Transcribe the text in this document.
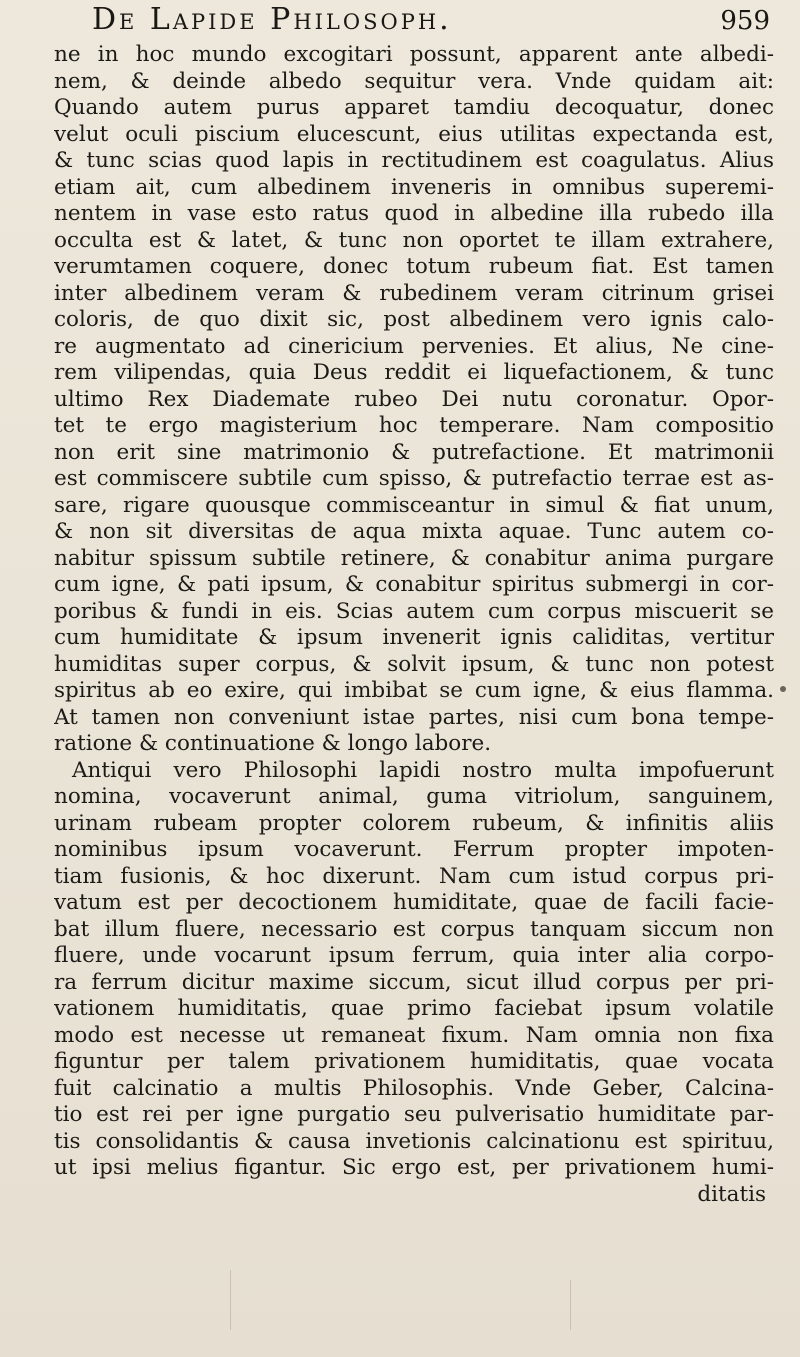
De Lapide Philosoph.	959
ne in hoc mundo excogitari possunt, apparent ante albedi-
nem, & deinde albedo sequitur vera. Vnde quidam ait:
Quando autem purus apparet tamdiu decoquatur, donec
velut oculi piscium elucescunt, eius utilitas expectanda est,
& tunc scias quod lapis in rectitudinem est coagulatus. Alius
etiam ait, cum albedinem inveneris in omnibus superemi-
nentem in vase esto ratus quod in albedine illa rubedo illa
occulta est & latet, & tunc non oportet te illam extrahere,
verumtamen coquere, donec totum rubeum fiat. Est tamen
inter albedinem veram & rubedinem veram citrinum grisei
coloris, de quo dixit sic, post albedinem vero ignis calo-
re augmentato ad cinericium pervenies. Et alius, Ne cine-
rem vilipendas, quia Deus reddit ei liquefactionem, & tunc
ultimo Rex Diademate rubeo Dei nutu coronatur. Opor-
tet te ergo magisterium hoc temperare. Nam compositio
non erit sine matrimonio & putrefactione. Et matrimonii
est commiscere subtile cum spisso, & putrefactio terrae est as-
sare, rigare quousque commisceantur in simul & fiat unum,
& non sit diversitas de aqua mixta aquae. Tunc autem co-
nabitur spissum subtile retinere, & conabitur anima purgare
cum igne, & pati ipsum, & conabitur spiritus submergi in cor-
poribus & fundi in eis. Scias autem cum corpus miscuerit se
cum humiditate & ipsum invenerit ignis caliditas, vertitur
humiditas super corpus, & solvit ipsum, & tunc non potest
spiritus ab eo exire, qui imbibat se cum igne, & eius flamma.
At tamen non conveniunt istae partes, nisi cum bona tempe-
ratione & continuatione & longo labore.
Antiqui vero Philosophi lapidi nostro multa impofuerunt
nomina, vocaverunt animal, guma vitriolum, sanguinem,
urinam rubeam propter colorem rubeum, & infinitis aliis
nominibus ipsum vocaverunt. Ferrum propter impoten-
tiam fusionis, & hoc dixerunt. Nam cum istud corpus pri-
vatum est per decoctionem humiditate, quae de facili facie-
bat illum fluere, necessario est corpus tanquam siccum non
fluere, unde vocarunt ipsum ferrum, quia inter alia corpo-
ra ferrum dicitur maxime siccum, sicut illud corpus per pri-
vationem humiditatis, quae primo faciebat ipsum volatile
modo est necesse ut remaneat fixum. Nam omnia non fixa
figuntur per talem privationem humiditatis, quae vocata
fuit calcinatio a multis Philosophis. Vnde Geber, Calcina-
tio est rei per igne purgatio seu pulverisatio humiditate par-
tis consolidantis & causa invetionis calcinationu est spirituu,
ut ipsi melius figantur. Sic ergo est, per privationem humi-
ditatis
